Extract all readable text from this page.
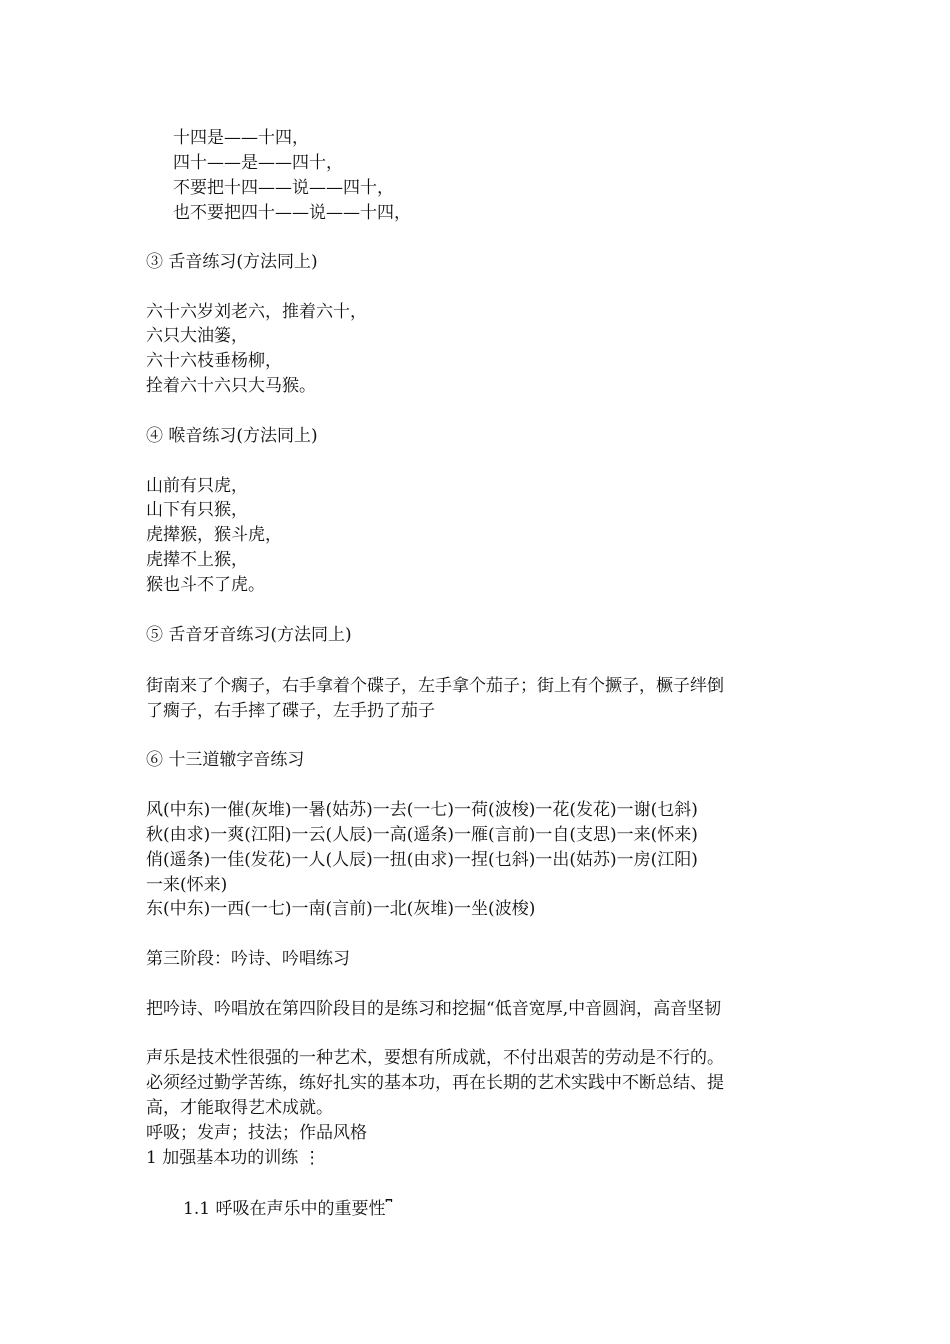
十四是——十四，
四十——是——四十，
不要把十四——说——四十，
也不要把四十——说——十四，
③ 舌音练习(方法同上)
六十六岁刘老六，推着六十，
六只大油篓，
六十六枝垂杨柳，
拴着六十六只大马猴。
④ 喉音练习(方法同上)
山前有只虎，
山下有只猴，
虎撵猴，猴斗虎，
虎撵不上猴，
猴也斗不了虎。
⑤ 舌音牙音练习(方法同上)
街南来了个瘸子，右手拿着个碟子，左手拿个茄子；街上有个撅子，橛子绊倒
了瘸子，右手摔了碟子，左手扔了茄子
⑥ 十三道辙字音练习
风(中东)一催(灰堆)一暑(姑苏)一去(一七)一荷(波梭)一花(发花)一谢(乜斜)
秋(由求)一爽(江阳)一云(人辰)一高(遥条)一雁(言前)一自(支思)一来(怀来)
俏(遥条)一佳(发花)一人(人辰)一扭(由求)一捏(乜斜)一出(姑苏)一房(江阳)
一来(怀来)
东(中东)一西(一七)一南(言前)一北(灰堆)一坐(波梭)
第三阶段：吟诗、吟唱练习
把吟诗、吟唱放在第四阶段目的是练习和挖掘“低音宽厚,中音圆润，高音坚韧
声乐是技术性很强的一种艺术，要想有所成就，不付出艰苦的劳动是不行的。
必须经过勤学苦练，练好扎实的基本功，再在长期的艺术实践中不断总结、提
高，才能取得艺术成就。
呼吸；发声；技法；作品风格
1 加强基本功的训练 ⋮
1.1 呼吸在声乐中的重要性⎴
